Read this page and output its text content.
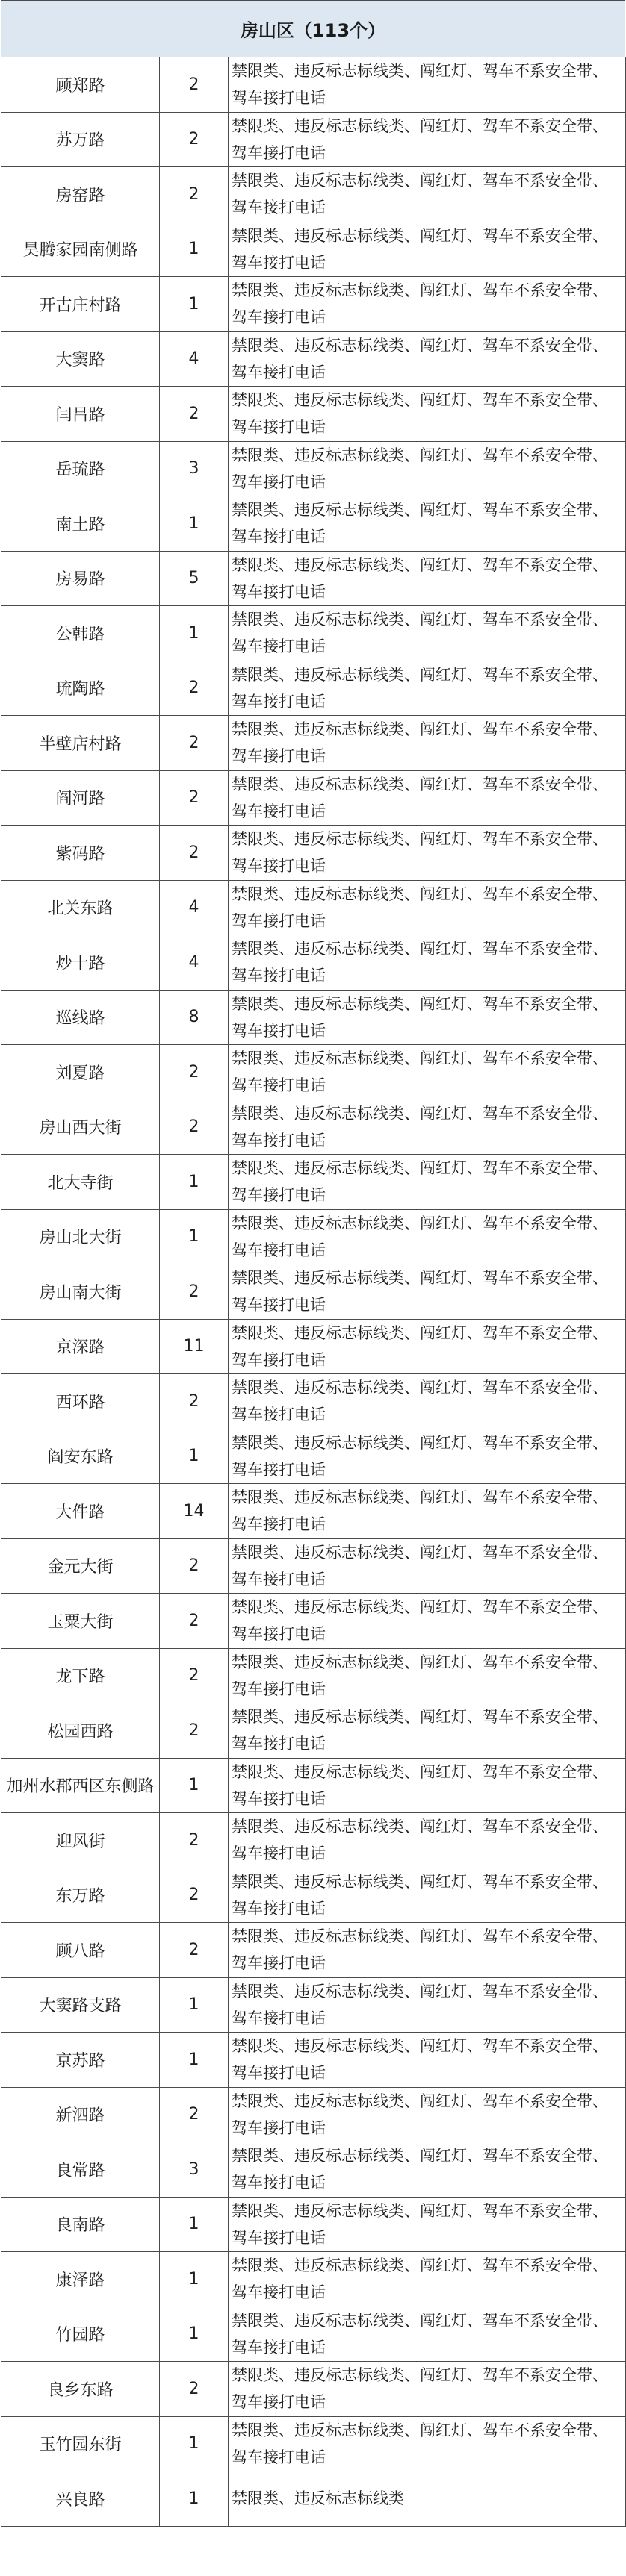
房山区（113个）
顾郑路	2	禁限类、违反标志标线类、闯红灯、驾车不系安全带、驾车接打电话
苏万路	2	禁限类、违反标志标线类、闯红灯、驾车不系安全带、驾车接打电话
房窑路	2	禁限类、违反标志标线类、闯红灯、驾车不系安全带、驾车接打电话
昊腾家园南侧路	1	禁限类、违反标志标线类、闯红灯、驾车不系安全带、驾车接打电话
开古庄村路	1	禁限类、违反标志标线类、闯红灯、驾车不系安全带、驾车接打电话
大窦路	4	禁限类、违反标志标线类、闯红灯、驾车不系安全带、驾车接打电话
闫吕路	2	禁限类、违反标志标线类、闯红灯、驾车不系安全带、驾车接打电话
岳琉路	3	禁限类、违反标志标线类、闯红灯、驾车不系安全带、驾车接打电话
南土路	1	禁限类、违反标志标线类、闯红灯、驾车不系安全带、驾车接打电话
房易路	5	禁限类、违反标志标线类、闯红灯、驾车不系安全带、驾车接打电话
公韩路	1	禁限类、违反标志标线类、闯红灯、驾车不系安全带、驾车接打电话
琉陶路	2	禁限类、违反标志标线类、闯红灯、驾车不系安全带、驾车接打电话
半壁店村路	2	禁限类、违反标志标线类、闯红灯、驾车不系安全带、驾车接打电话
阎河路	2	禁限类、违反标志标线类、闯红灯、驾车不系安全带、驾车接打电话
紫码路	2	禁限类、违反标志标线类、闯红灯、驾车不系安全带、驾车接打电话
北关东路	4	禁限类、违反标志标线类、闯红灯、驾车不系安全带、驾车接打电话
炒十路	4	禁限类、违反标志标线类、闯红灯、驾车不系安全带、驾车接打电话
巡线路	8	禁限类、违反标志标线类、闯红灯、驾车不系安全带、驾车接打电话
刘夏路	2	禁限类、违反标志标线类、闯红灯、驾车不系安全带、驾车接打电话
房山西大街	2	禁限类、违反标志标线类、闯红灯、驾车不系安全带、驾车接打电话
北大寺街	1	禁限类、违反标志标线类、闯红灯、驾车不系安全带、驾车接打电话
房山北大街	1	禁限类、违反标志标线类、闯红灯、驾车不系安全带、驾车接打电话
房山南大街	2	禁限类、违反标志标线类、闯红灯、驾车不系安全带、驾车接打电话
京深路	11	禁限类、违反标志标线类、闯红灯、驾车不系安全带、驾车接打电话
西环路	2	禁限类、违反标志标线类、闯红灯、驾车不系安全带、驾车接打电话
阎安东路	1	禁限类、违反标志标线类、闯红灯、驾车不系安全带、驾车接打电话
大件路	14	禁限类、违反标志标线类、闯红灯、驾车不系安全带、驾车接打电话
金元大街	2	禁限类、违反标志标线类、闯红灯、驾车不系安全带、驾车接打电话
玉粟大街	2	禁限类、违反标志标线类、闯红灯、驾车不系安全带、驾车接打电话
龙下路	2	禁限类、违反标志标线类、闯红灯、驾车不系安全带、驾车接打电话
松园西路	2	禁限类、违反标志标线类、闯红灯、驾车不系安全带、驾车接打电话
加州水郡西区东侧路	1	禁限类、违反标志标线类、闯红灯、驾车不系安全带、驾车接打电话
迎风街	2	禁限类、违反标志标线类、闯红灯、驾车不系安全带、驾车接打电话
东万路	2	禁限类、违反标志标线类、闯红灯、驾车不系安全带、驾车接打电话
顾八路	2	禁限类、违反标志标线类、闯红灯、驾车不系安全带、驾车接打电话
大窦路支路	1	禁限类、违反标志标线类、闯红灯、驾车不系安全带、驾车接打电话
京苏路	1	禁限类、违反标志标线类、闯红灯、驾车不系安全带、驾车接打电话
新泗路	2	禁限类、违反标志标线类、闯红灯、驾车不系安全带、驾车接打电话
良常路	3	禁限类、违反标志标线类、闯红灯、驾车不系安全带、驾车接打电话
良南路	1	禁限类、违反标志标线类、闯红灯、驾车不系安全带、驾车接打电话
康泽路	1	禁限类、违反标志标线类、闯红灯、驾车不系安全带、驾车接打电话
竹园路	1	禁限类、违反标志标线类、闯红灯、驾车不系安全带、驾车接打电话
良乡东路	2	禁限类、违反标志标线类、闯红灯、驾车不系安全带、驾车接打电话
玉竹园东街	1	禁限类、违反标志标线类、闯红灯、驾车不系安全带、驾车接打电话
兴良路	1	禁限类、违反标志标线类
